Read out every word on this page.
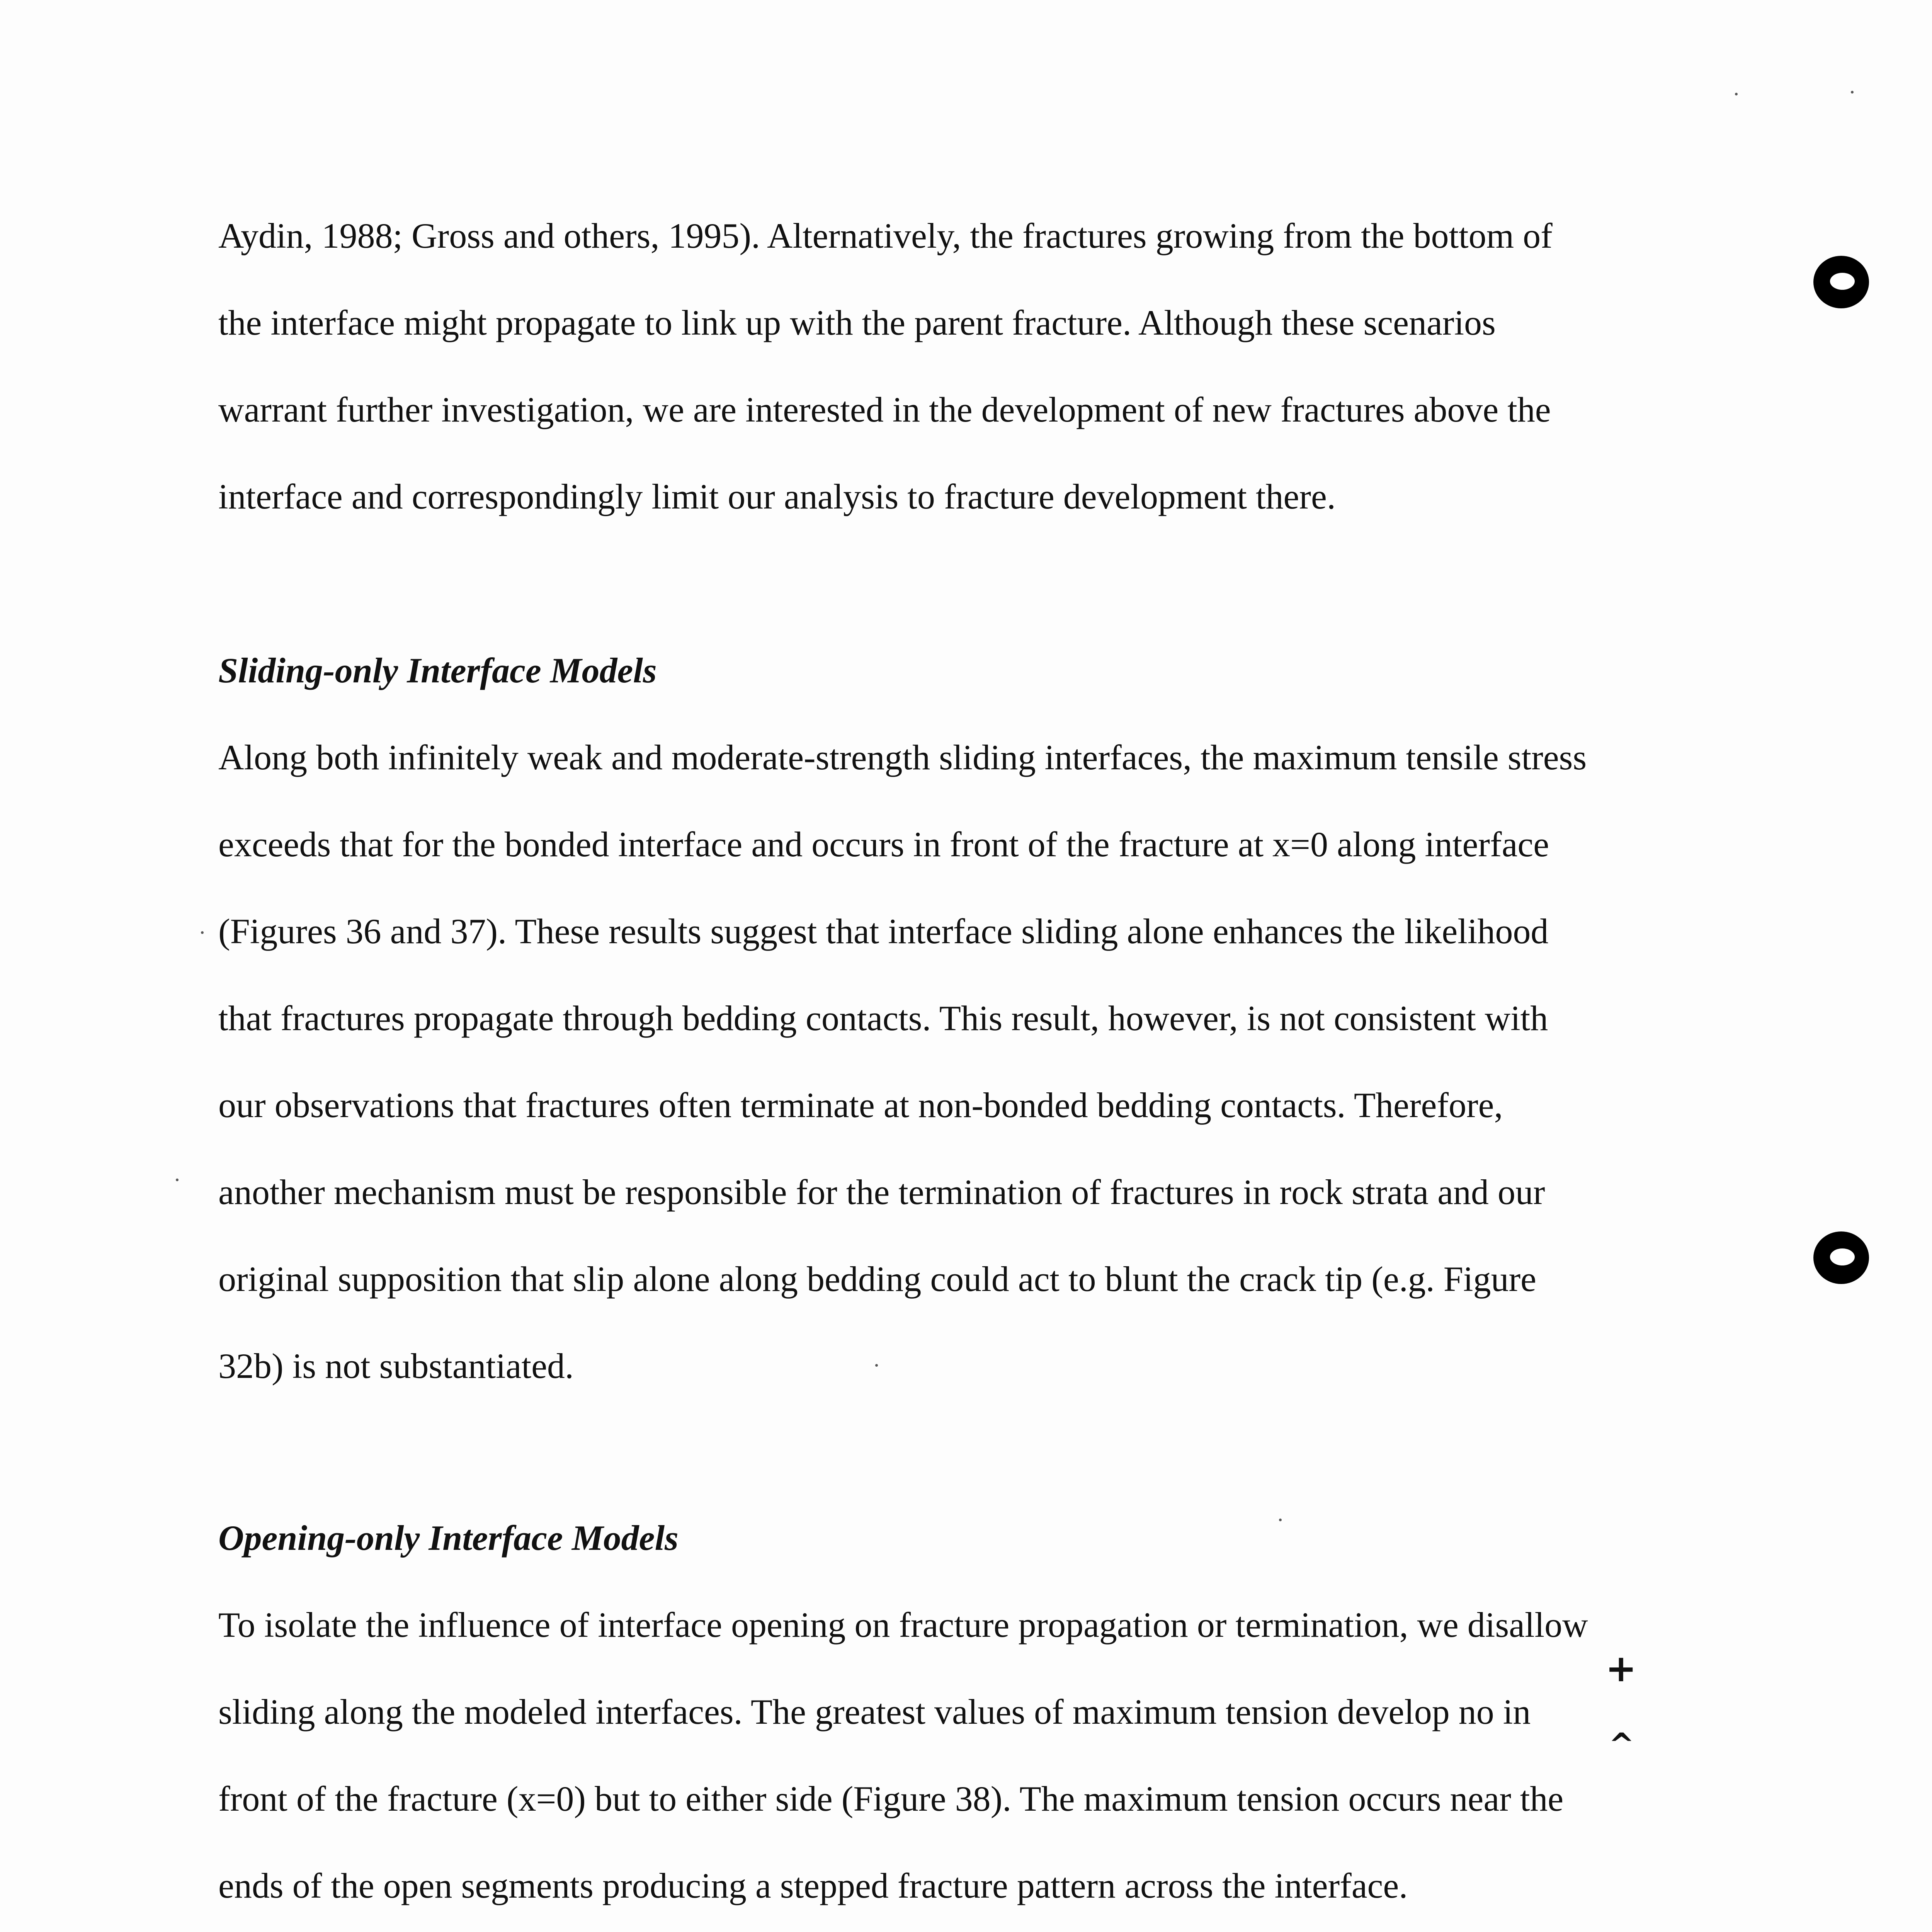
Aydin, 1988; Gross and others, 1995). Alternatively, the fractures growing from the bottom of
the interface might propagate to link up with the parent fracture. Although these scenarios
warrant further investigation, we are interested in the development of new fractures above the
interface and correspondingly limit our analysis to fracture development there.
Sliding-only Interface Models
Along both infinitely weak and moderate-strength sliding interfaces, the maximum tensile stress
exceeds that for the bonded interface and occurs in front of the fracture at x=0 along interface
(Figures 36 and 37). These results suggest that interface sliding alone enhances the likelihood
that fractures propagate through bedding contacts. This result, however, is not consistent with
our observations that fractures often terminate at non-bonded bedding contacts. Therefore,
another mechanism must be responsible for the termination of fractures in rock strata and our
original supposition that slip alone along bedding could act to blunt the crack tip (e.g. Figure
32b) is not substantiated.
Opening-only Interface Models
To isolate the influence of interface opening on fracture propagation or termination, we disallow
sliding along the modeled interfaces. The greatest values of maximum tension develop no in
front of the fracture (x=0) but to either side (Figure 38). The maximum tension occurs near the
ends of the open segments producing a stepped fracture pattern across the interface.
+
^
